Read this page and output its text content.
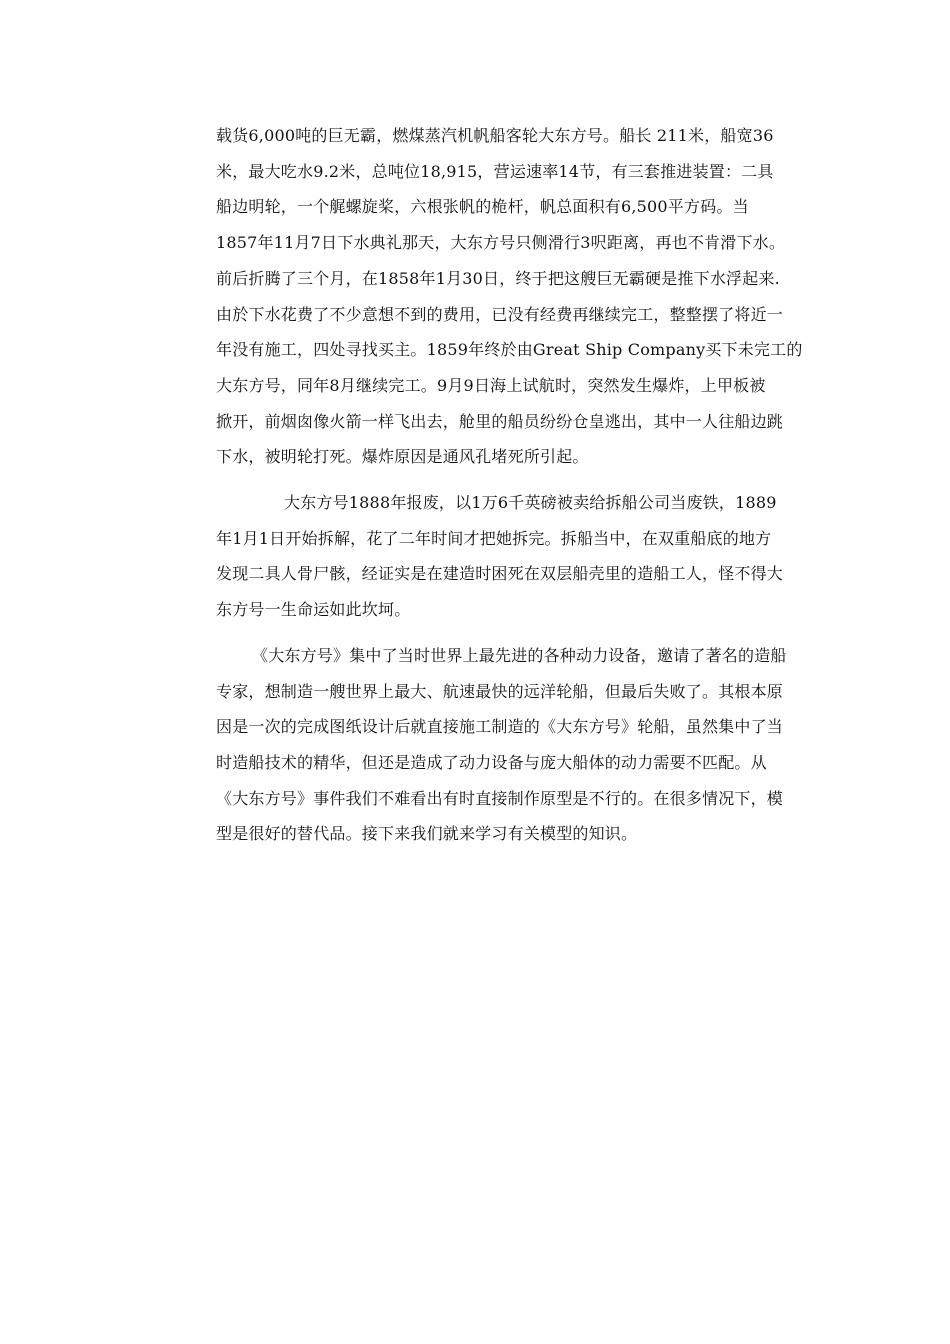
载货6,000吨的巨无霸，燃煤蒸汽机帆船客轮大东方号。船长 211米，船宽36
米，最大吃水9.2米，总吨位18,915，营运速率14节，有三套推进装置：二具
船边明轮，一个艉螺旋桨，六根张帆的桅杆，帆总面积有6,500平方码。当
1857年11月7日下水典礼那天，大东方号只侧滑行3呎距离，再也不肯滑下水。
前后折腾了三个月，在1858年1月30日，终于把这艘巨无霸硬是推下水浮起来.
由於下水花费了不少意想不到的费用，已没有经费再继续完工，整整摆了将近一
年没有施工，四处寻找买主。1859年终於由Great Ship Company买下未完工的
大东方号，同年8月继续完工。9月9日海上试航时，突然发生爆炸，上甲板被
掀开，前烟囱像火箭一样飞出去，舱里的船员纷纷仓皇逃出，其中一人往船边跳
下水，被明轮打死。爆炸原因是通风孔堵死所引起。

大东方号1888年报废，以1万6千英磅被卖给拆船公司当废铁，1889
年1月1日开始拆解，花了二年时间才把她拆完。拆船当中，在双重船底的地方
发现二具人骨尸骸，经证实是在建造时困死在双层船壳里的造船工人，怪不得大
东方号一生命运如此坎坷。

《大东方号》集中了当时世界上最先进的各种动力设备，邀请了著名的造船
专家，想制造一艘世界上最大、航速最快的远洋轮船，但最后失败了。其根本原
因是一次的完成图纸设计后就直接施工制造的《大东方号》轮船，虽然集中了当
时造船技术的精华，但还是造成了动力设备与庞大船体的动力需要不匹配。从
《大东方号》事件我们不难看出有时直接制作原型是不行的。在很多情况下，模
型是很好的替代品。接下来我们就来学习有关模型的知识。
